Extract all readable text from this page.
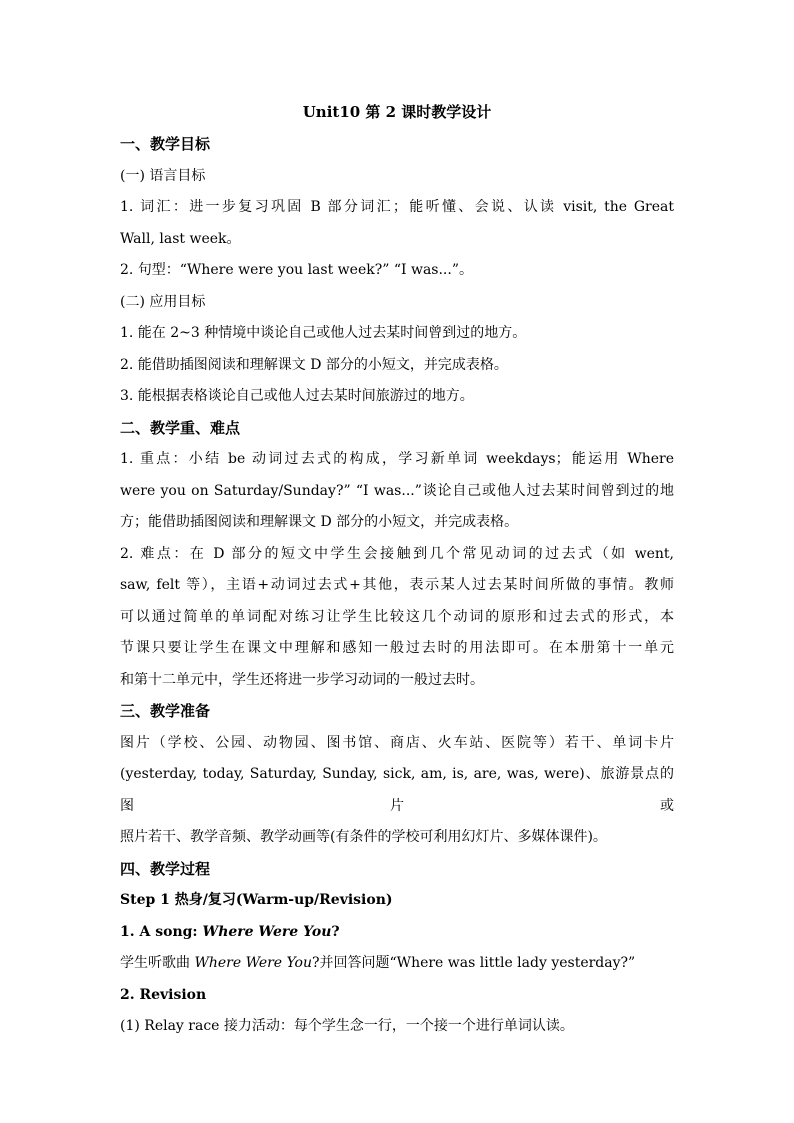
Unit10 第 2 课时教学设计
一、教学目标
(一) 语言目标
1. 词汇：进一步复习巩固 B 部分词汇；能听懂、会说、认读 visit, the Great
Wall, last week。
2. 句型：“Where were you last week?” “I was...”。
(二) 应用目标
1. 能在 2~3 种情境中谈论自己或他人过去某时间曾到过的地方。
2. 能借助插图阅读和理解课文 D 部分的小短文，并完成表格。
3. 能根据表格谈论自己或他人过去某时间旅游过的地方。
二、教学重、难点
1. 重点：小结 be 动词过去式的构成，学习新单词 weekdays；能运用 Where
were you on Saturday/Sunday?” “I was...”谈论自己或他人过去某时间曾到过的地
方；能借助插图阅读和理解课文 D 部分的小短文，并完成表格。
2. 难点：在 D 部分的短文中学生会接触到几个常见动词的过去式（如 went,
saw, felt 等），主语+动词过去式+其他，表示某人过去某时间所做的事情。教师
可以通过简单的单词配对练习让学生比较这几个动词的原形和过去式的形式，本
节课只要让学生在课文中理解和感知一般过去时的用法即可。在本册第十一单元
和第十二单元中，学生还将进一步学习动词的一般过去时。
三、教学准备
图片（学校、公园、动物园、图书馆、商店、火车站、医院等）若干、单词卡片
(yesterday, today, Saturday, Sunday, sick, am, is, are, was, were)、旅游景点的图片或
照片若干、教学音频、教学动画等(有条件的学校可利用幻灯片、多媒体课件)。
四、教学过程
Step 1 热身/复习(Warm-up/Revision)
1. A song: Where Were You?
学生听歌曲 Where Were You?并回答问题“Where was little lady yesterday?”
2. Revision
(1) Relay race 接力活动：每个学生念一行，一个接一个进行单词认读。
